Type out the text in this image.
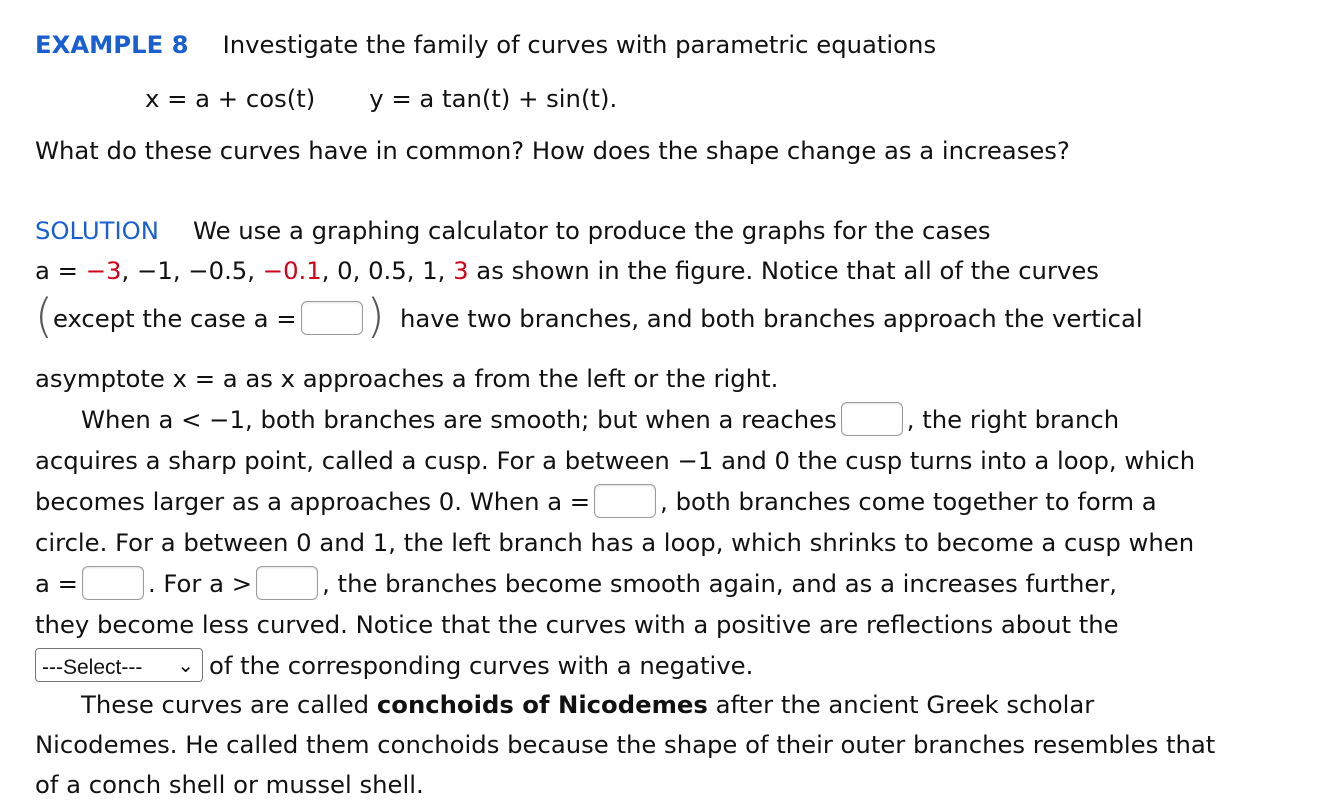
EXAMPLE 8 Investigate the family of curves with parametric equations
x = a + cos(t) y = a tan(t) + sin(t).
What do these curves have in common? How does the shape change as a increases?
SOLUTION We use a graphing calculator to produce the graphs for the cases
a = −3, −1, −0.5, −0.1, 0, 0.5, 1, 3 as shown in the figure. Notice that all of the curves
(except the case a = ) have two branches, and both branches approach the vertical
asymptote x = a as x approaches a from the left or the right.
When a < −1, both branches are smooth; but when a reaches	, the right branch
acquires a sharp point, called a cusp. For a between −1 and 0 the cusp turns into a loop, which
becomes larger as a approaches 0. When a =	, both branches come together to form a
circle. For a between 0 and 1, the left branch has a loop, which shrinks to become a cusp when
a =	. For a >	, the branches become smooth again, and as a increases further,
they become less curved. Notice that the curves with a positive are reflections about the
---Select--- ⌄ of the corresponding curves with a negative.
These curves are called conchoids of Nicodemes after the ancient Greek scholar
Nicodemes. He called them conchoids because the shape of their outer branches resembles that
of a conch shell or mussel shell.
